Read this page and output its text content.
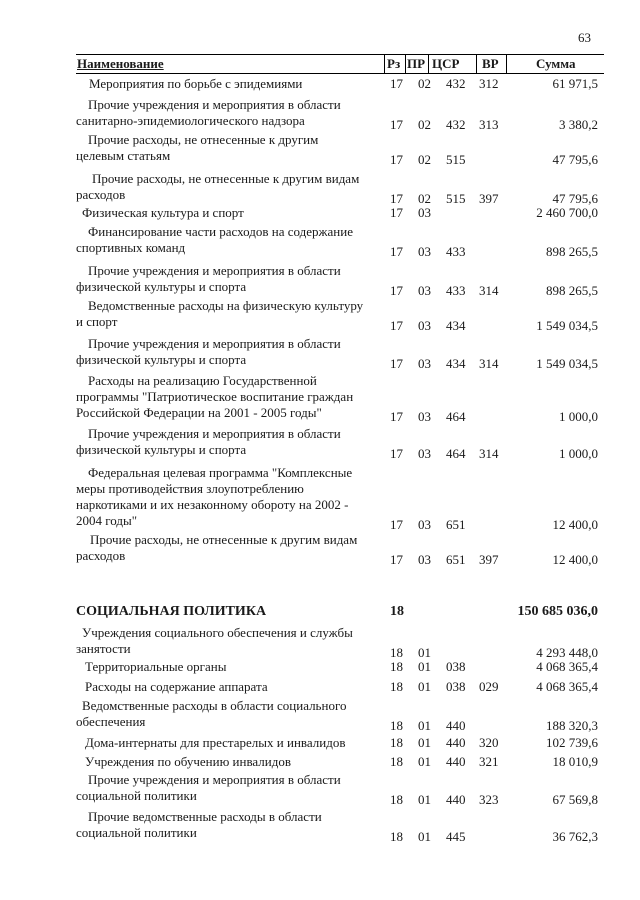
63
Наименование	Рз ПР ЦСР ВР	Сумма
Мероприятия по борьбе с эпидемиями	17 02 432 312	61 971,5
Прочие учреждения и мероприятия в области
санитарно-эпидемиологического надзора	17 02 432 313	3 380,2
Прочие расходы, не отнесенные к другим
целевым статьям	17 02 515	47 795,6
Прочие расходы, не отнесенные к другим видам
расходов	17 02 515 397	47 795,6
Физическая культура и спорт	17 03	2 460 700,0
Финансирование части расходов на содержание
спортивных команд	17 03 433	898 265,5
Прочие учреждения и мероприятия в области
физической культуры и спорта	17 03 433 314	898 265,5
Ведомственные расходы на физическую культуру
и спорт	17 03 434	1 549 034,5
Прочие учреждения и мероприятия в области
физической культуры и спорта	17 03 434 314	1 549 034,5
Расходы на реализацию Государственной
программы "Патриотическое воспитание граждан
Российской Федерации на 2001 - 2005 годы"	17 03 464	1 000,0
Прочие учреждения и мероприятия в области
физической культуры и спорта	17 03 464 314	1 000,0
Федеральная целевая программа "Комплексные
меры противодействия злоупотреблению
наркотиками и их незаконному обороту на 2002 -
2004 годы"	17 03 651	12 400,0
Прочие расходы, не отнесенные к другим видам
расходов	17 03 651 397	12 400,0
СОЦИАЛЬНАЯ ПОЛИТИКА	18	150 685 036,0
Учреждения социального обеспечения и службы
занятости	18 01	4 293 448,0
Территориальные органы	18 01 038	4 068 365,4
Расходы на содержание аппарата	18 01 038 029	4 068 365,4
Ведомственные расходы в области социального
обеспечения	18 01 440	188 320,3
Дома-интернаты для престарелых и инвалидов	18 01 440 320	102 739,6
Учреждения по обучению инвалидов	18 01 440 321	18 010,9
Прочие учреждения и мероприятия в области
социальной политики	18 01 440 323	67 569,8
Прочие ведомственные расходы в области
социальной политики	18 01 445	36 762,3
